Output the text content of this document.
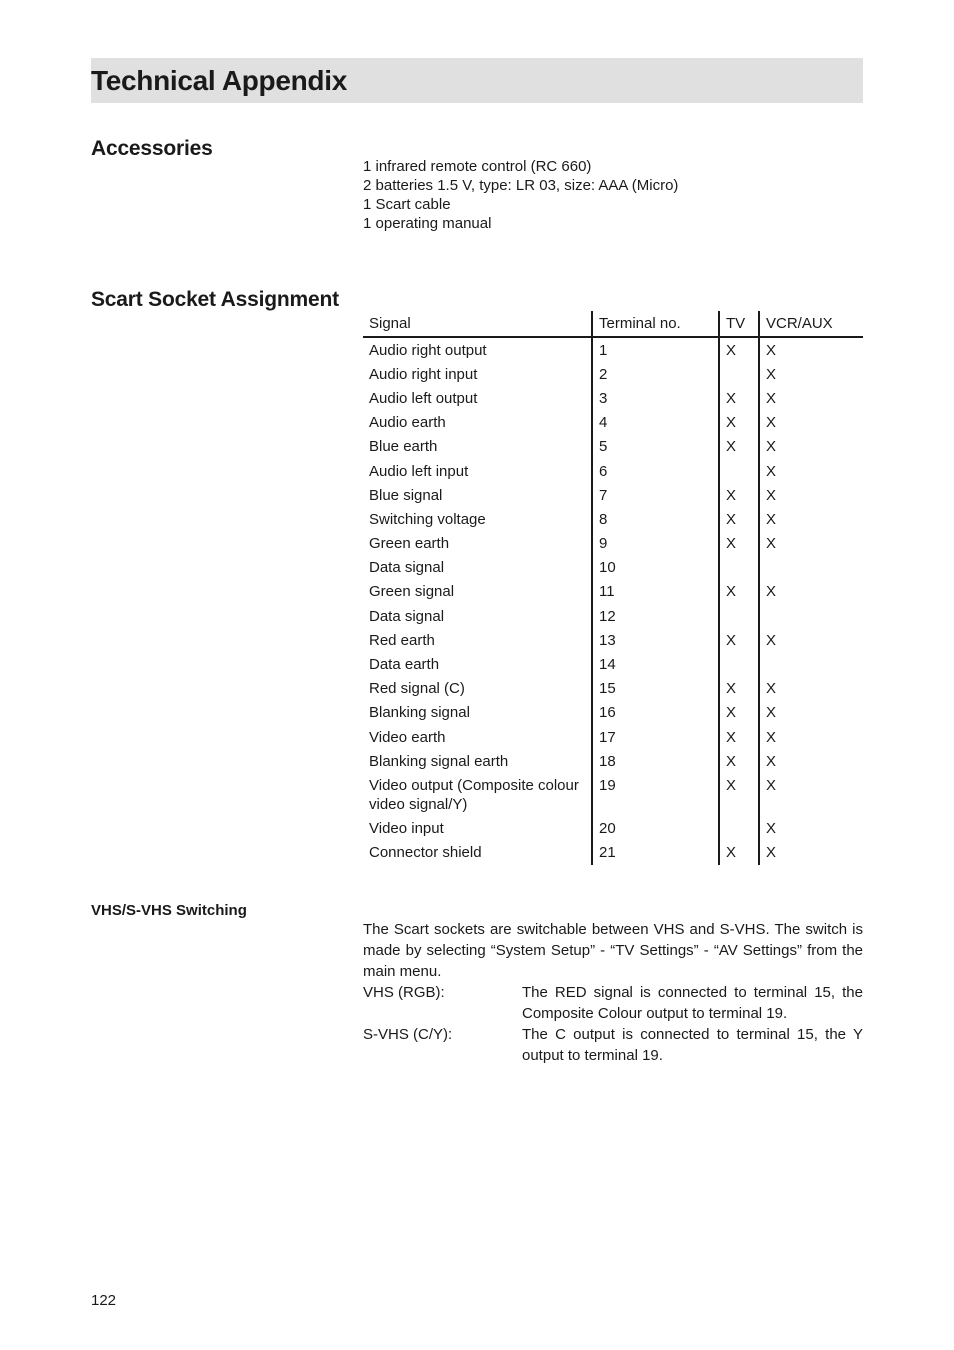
Technical Appendix
Accessories
1 infrared remote control (RC 660)
2 batteries 1.5 V, type: LR 03, size: AAA (Micro)
1 Scart cable
1 operating manual
Scart Socket Assignment
Signal	Terminal no.	TV	VCR/AUX
Audio right output	1	X	X
Audio right input	2		X
Audio left output	3	X	X
Audio earth	4	X	X
Blue earth	5	X	X
Audio left input	6		X
Blue signal	7	X	X
Switching voltage	8	X	X
Green earth	9	X	X
Data signal	10		
Green signal	11	X	X
Data signal	12		
Red earth	13	X	X
Data earth	14		
Red signal (C)	15	X	X
Blanking signal	16	X	X
Video earth	17	X	X
Blanking signal earth	18	X	X
Video output (Composite colour video signal/Y)	19	X	X
Video input	20		X
Connector shield	21	X	X
VHS/S-VHS Switching

The Scart sockets are switchable between VHS and S-VHS. The switch is made by selecting “System Setup” - “TV Settings” - “AV Settings” from the main menu.

VHS (RGB):	The RED signal is connected to terminal 15, the Composite Colour output to terminal 19.
S-VHS (C/Y):	The C output is connected to terminal 15, the Y output to terminal 19.
122
